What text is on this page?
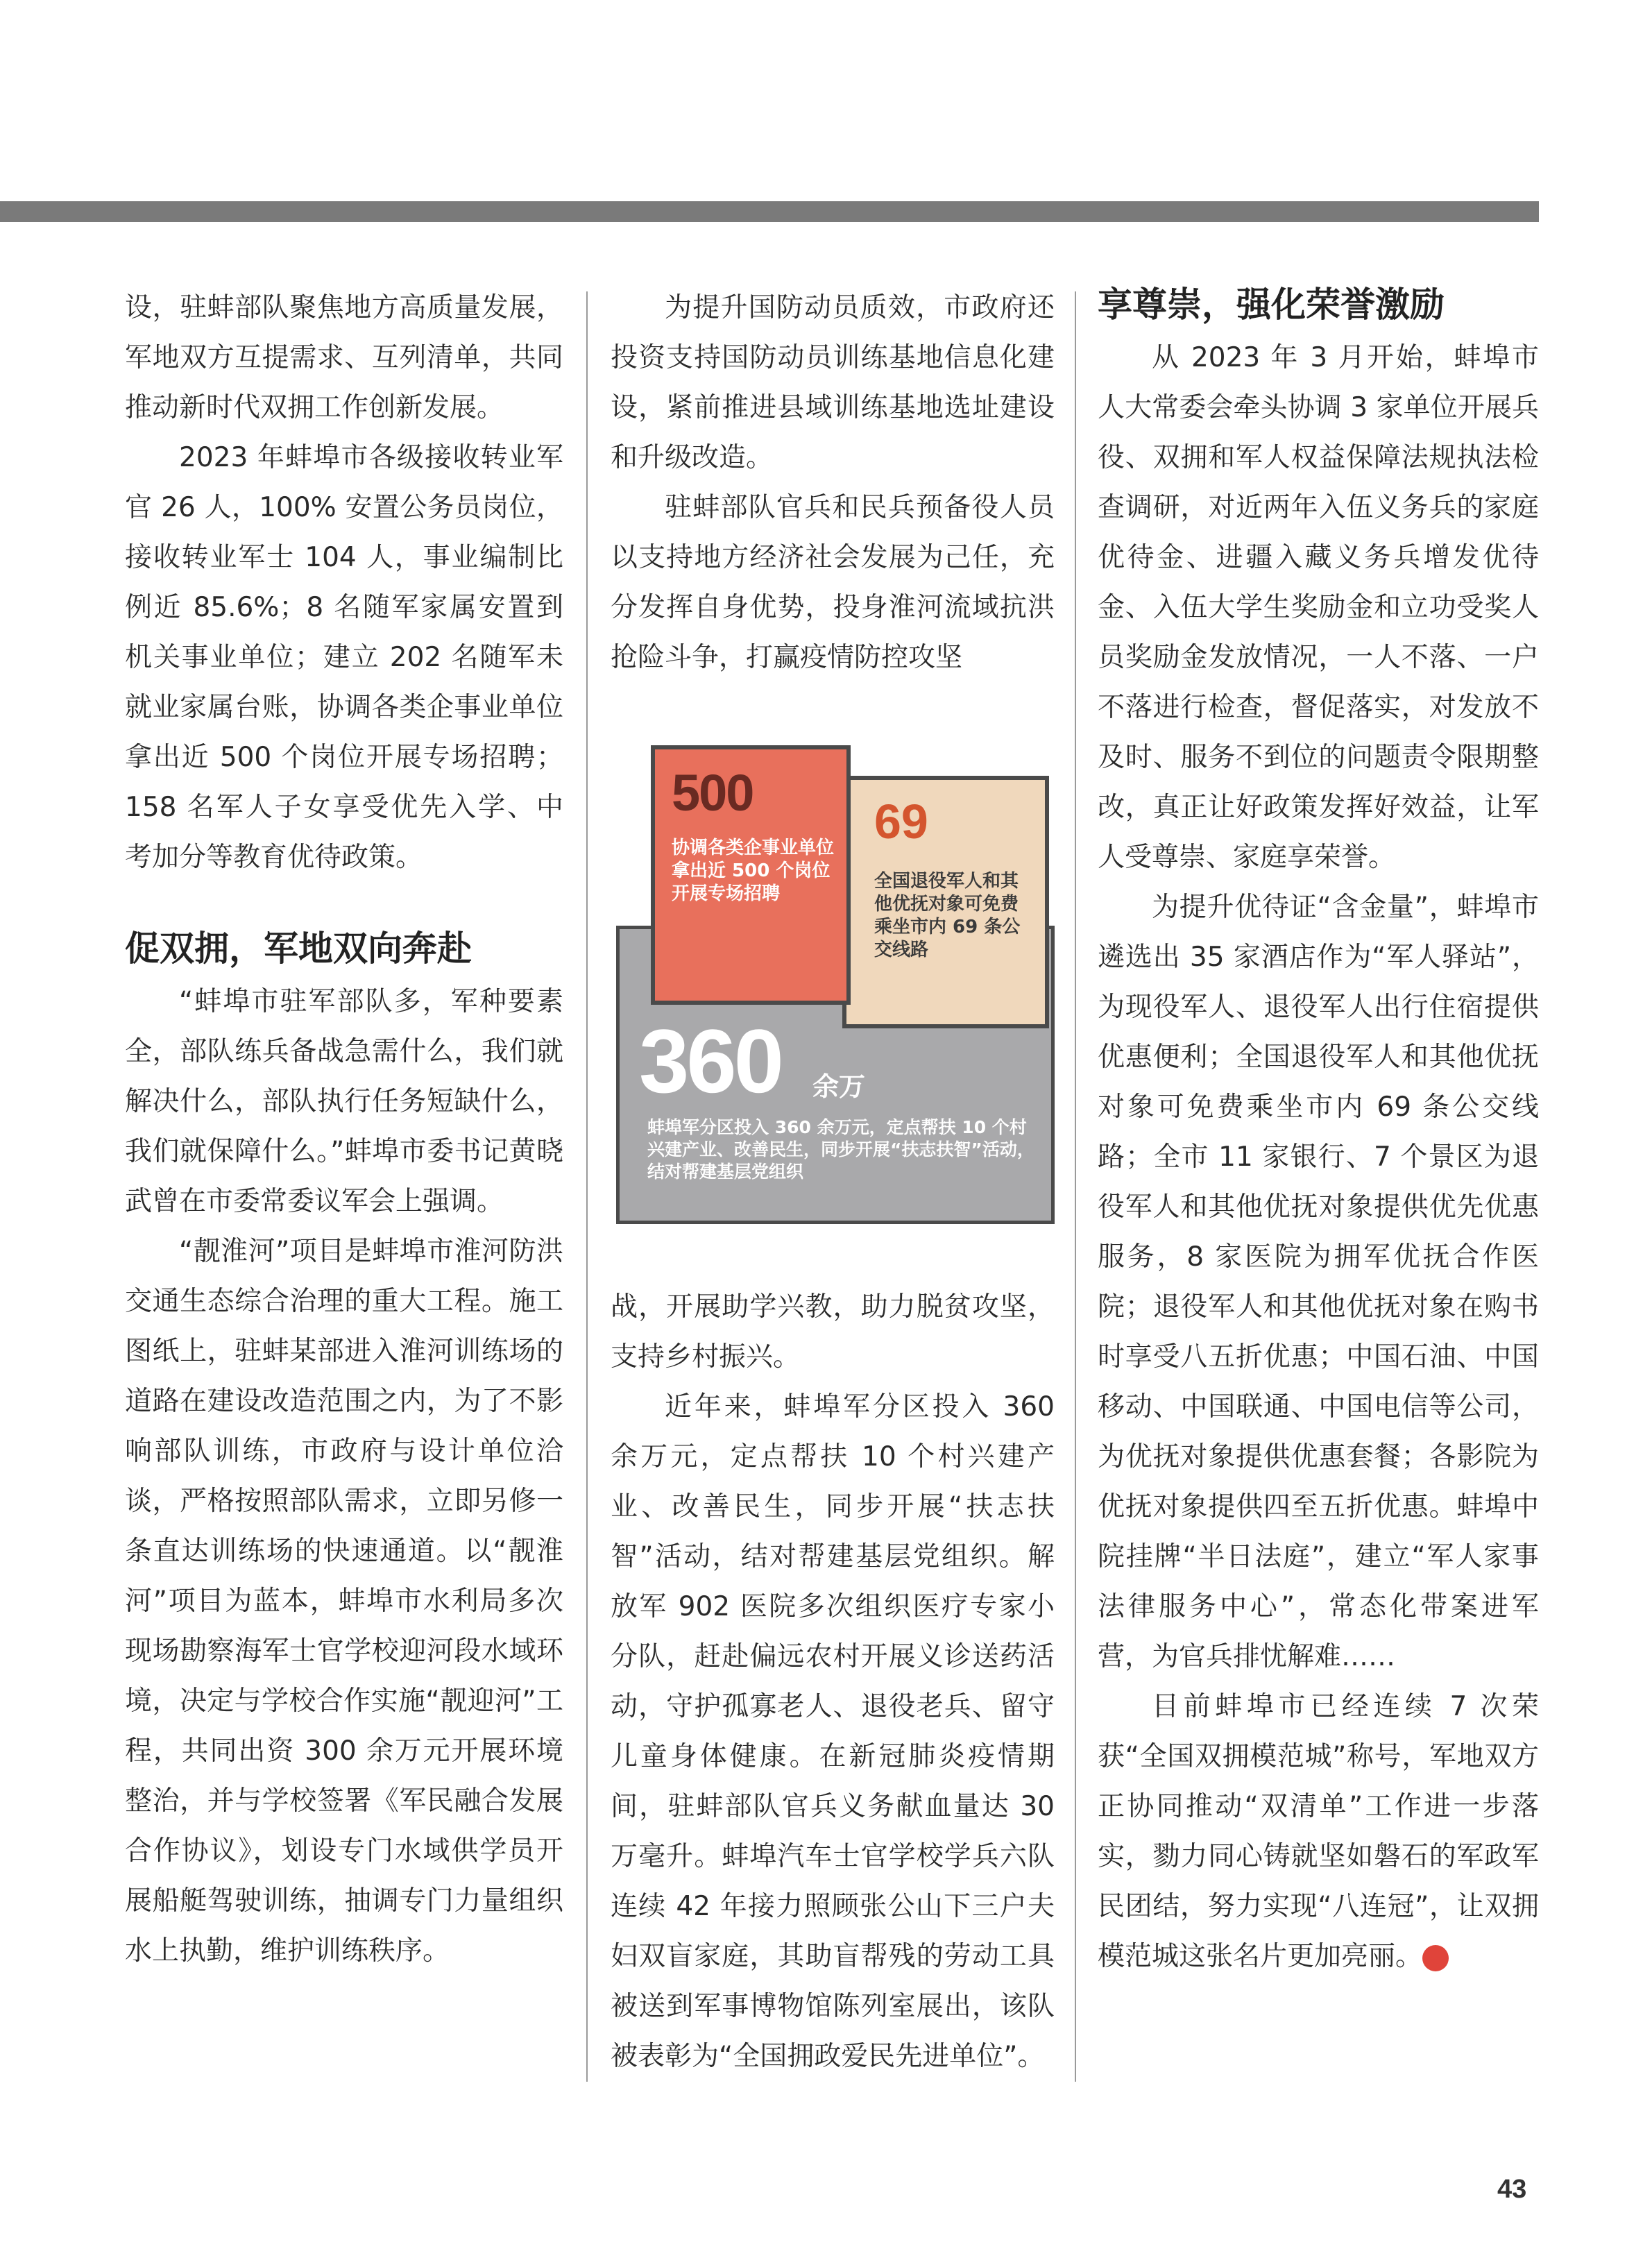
设，驻蚌部队聚焦地方高质量发展，军地双方互提需求、互列清单，共同推动新时代双拥工作创新发展。

2023 年蚌埠市各级接收转业军官 26 人，100% 安置公务员岗位，接收转业军士 104 人，事业编制比例近 85.6%；8 名随军家属安置到机关事业单位；建立 202 名随军未就业家属台账，协调各类企事业单位拿出近 500 个岗位开展专场招聘；158 名军人子女享受优先入学、中考加分等教育优待政策。

促双拥，军地双向奔赴

“蚌埠市驻军部队多，军种要素全，部队练兵备战急需什么，我们就解决什么，部队执行任务短缺什么，我们就保障什么。”蚌埠市委书记黄晓武曾在市委常委议军会上强调。

“靓淮河”项目是蚌埠市淮河防洪交通生态综合治理的重大工程。施工图纸上，驻蚌某部进入淮河训练场的道路在建设改造范围之内，为了不影响部队训练，市政府与设计单位洽谈，严格按照部队需求，立即另修一条直达训练场的快速通道。以“靓淮河”项目为蓝本，蚌埠市水利局多次现场勘察海军士官学校迎河段水域环境，决定与学校合作实施“靓迎河”工程，共同出资 300 余万元开展环境整治，并与学校签署《军民融合发展合作协议》，划设专门水域供学员开展船艇驾驶训练，抽调专门力量组织水上执勤，维护训练秩序。

为提升国防动员质效，市政府还投资支持国防动员训练基地信息化建设，紧前推进县域训练基地选址建设和升级改造。

驻蚌部队官兵和民兵预备役人员以支持地方经济社会发展为己任，充分发挥自身优势，投身淮河流域抗洪抢险斗争，打赢疫情防控攻坚

360 余万
蚌埠军分区投入 360 余万元，定点帮扶 10 个村兴建产业、改善民生，同步开展“扶志扶智”活动，结对帮建基层党组织
69
全国退役军人和其他优抚对象可免费乘坐市内 69 条公交线路
500
协调各类企事业单位拿出近 500 个岗位开展专场招聘

战，开展助学兴教，助力脱贫攻坚，支持乡村振兴。

近年来，蚌埠军分区投入 360 余万元，定点帮扶 10 个村兴建产业、改善民生，同步开展“扶志扶智”活动，结对帮建基层党组织。解放军 902 医院多次组织医疗专家小分队，赶赴偏远农村开展义诊送药活动，守护孤寡老人、退役老兵、留守儿童身体健康。在新冠肺炎疫情期间，驻蚌部队官兵义务献血量达 30 万毫升。蚌埠汽车士官学校学兵六队连续 42 年接力照顾张公山下三户夫妇双盲家庭，其助盲帮残的劳动工具被送到军事博物馆陈列室展出，该队被表彰为“全国拥政爱民先进单位”。

享尊崇，强化荣誉激励

从 2023 年 3 月开始，蚌埠市人大常委会牵头协调 3 家单位开展兵役、双拥和军人权益保障法规执法检查调研，对近两年入伍义务兵的家庭优待金、进疆入藏义务兵增发优待金、入伍大学生奖励金和立功受奖人员奖励金发放情况，一人不落、一户不落进行检查，督促落实，对发放不及时、服务不到位的问题责令限期整改，真正让好政策发挥好效益，让军人受尊崇、家庭享荣誉。

为提升优待证“含金量”，蚌埠市遴选出 35 家酒店作为“军人驿站”，为现役军人、退役军人出行住宿提供优惠便利；全国退役军人和其他优抚对象可免费乘坐市内 69 条公交线路；全市 11 家银行、7 个景区为退役军人和其他优抚对象提供优先优惠服务，8 家医院为拥军优抚合作医院；退役军人和其他优抚对象在购书时享受八五折优惠；中国石油、中国移动、中国联通、中国电信等公司，为优抚对象提供优惠套餐；各影院为优抚对象提供四至五折优惠。蚌埠中院挂牌“半日法庭”，建立“军人家事法律服务中心”，常态化带案进军营，为官兵排忧解难……

目前蚌埠市已经连续 7 次荣获“全国双拥模范城”称号，军地双方正协同推动“双清单”工作进一步落实，勠力同心铸就坚如磐石的军政军民团结，努力实现“八连冠”，让双拥模范城这张名片更加亮丽。	N

43
